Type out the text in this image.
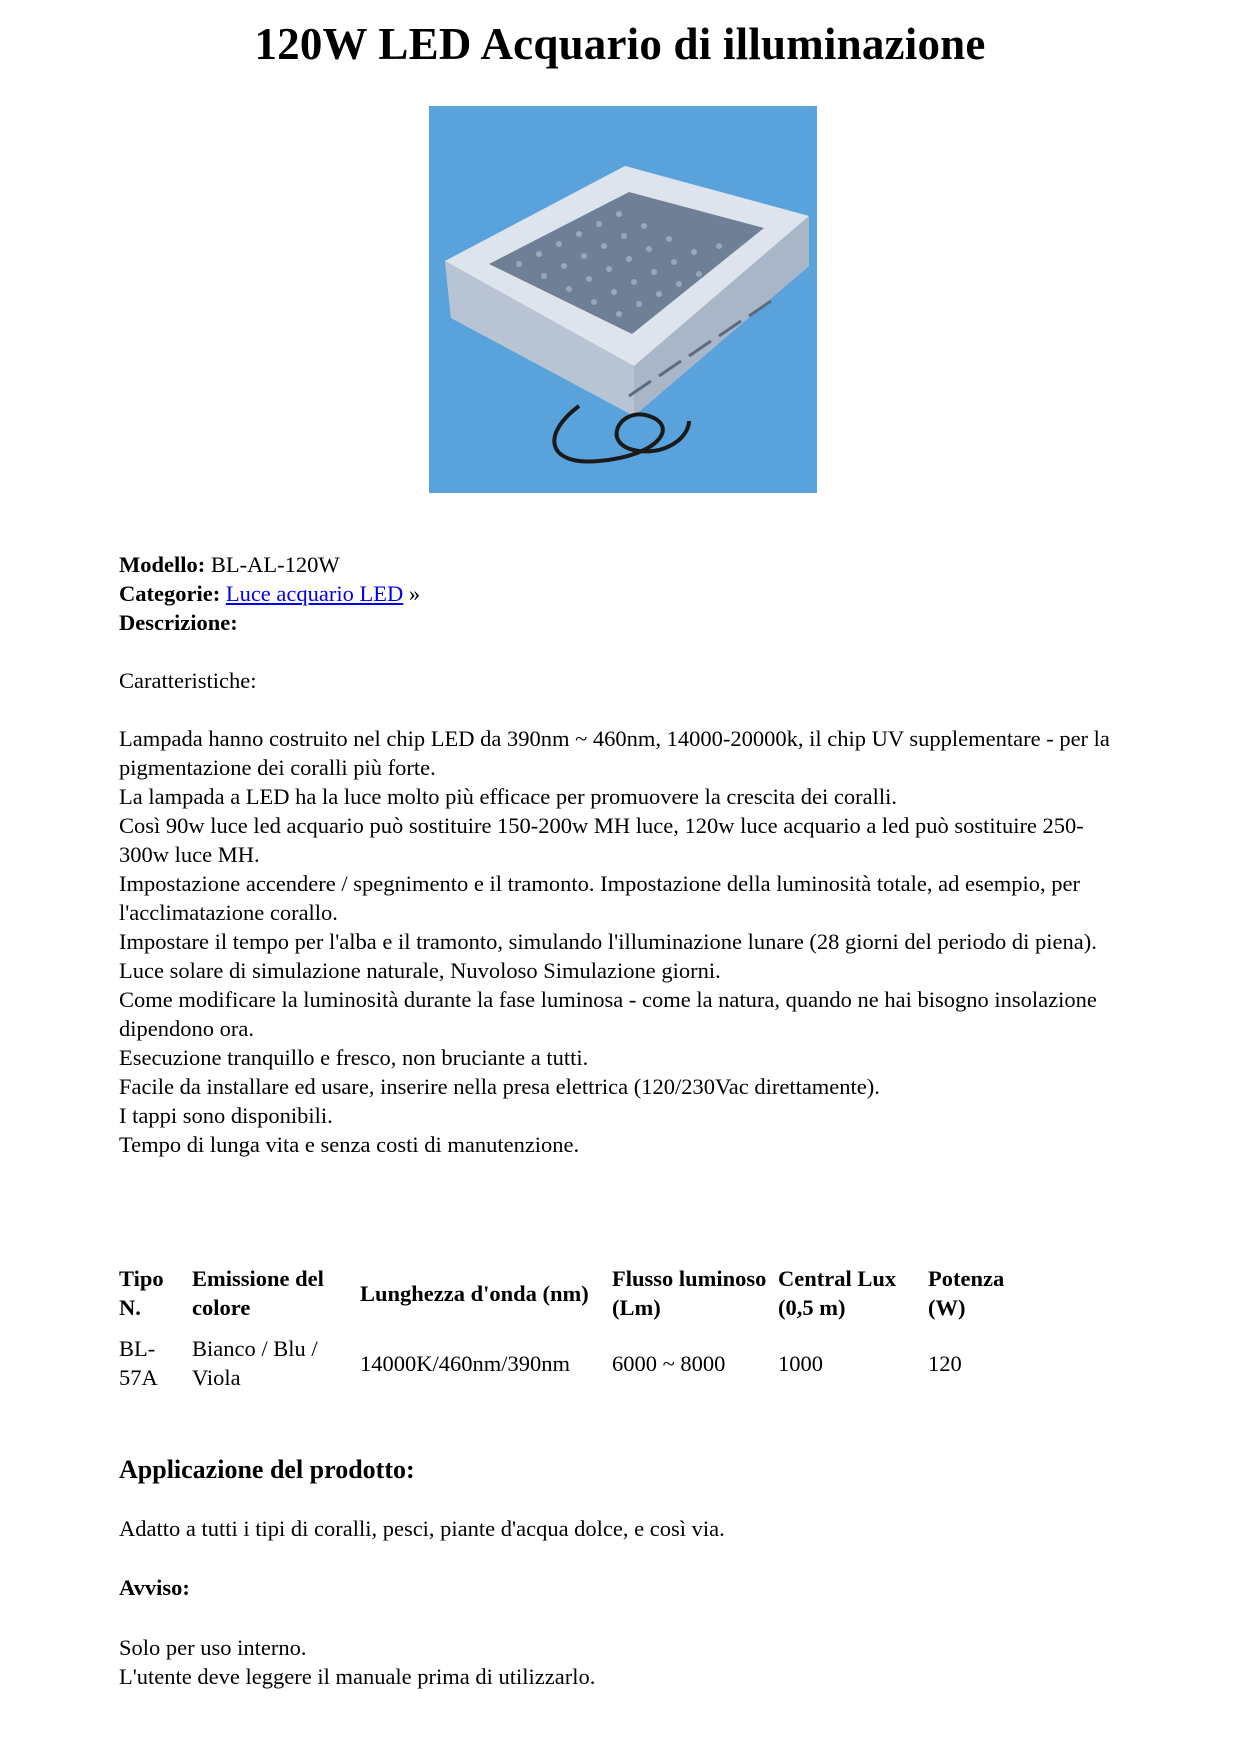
120W LED Acquario di illuminazione

Modello: BL-AL-120W

Categorie: Luce acquario LED »

Descrizione:

Caratteristiche:

Lampada hanno costruito nel chip LED da 390nm ~ 460nm, 14000-20000k, il chip UV supplementare - per la pigmentazione dei coralli più forte.

La lampada a LED ha la luce molto più efficace per promuovere la crescita dei coralli.

Così 90w luce led acquario può sostituire 150-200w MH luce, 120w luce acquario a led può sostituire 250-300w luce MH.

Impostazione accendere / spegnimento e il tramonto. Impostazione della luminosità totale, ad esempio, per l'acclimatazione corallo.

Impostare il tempo per l'alba e il tramonto, simulando l'illuminazione lunare (28 giorni del periodo di piena).

Luce solare di simulazione naturale, Nuvoloso Simulazione giorni.

Come modificare la luminosità durante la fase luminosa - come la natura, quando ne hai bisogno insolazione dipendono ora.

Esecuzione tranquillo e fresco, non bruciante a tutti.

Facile da installare ed usare, inserire nella presa elettrica (120/230Vac direttamente).

I tappi sono disponibili.

Tempo di lunga vita e senza costi di manutenzione.

Tipo N.	Emissione del colore	Lunghezza d'onda (nm)	Flusso luminoso (Lm)	Central Lux (0,5 m)	Potenza (W)
BL-57A	Bianco / Blu / Viola	14000K/460nm/390nm	6000 ~ 8000	1000	120
Applicazione del prodotto:
Adatto a tutti i tipi di coralli, pesci, piante d'acqua dolce, e così via.
Avviso:

Solo per uso interno.

L'utente deve leggere il manuale prima di utilizzarlo.
